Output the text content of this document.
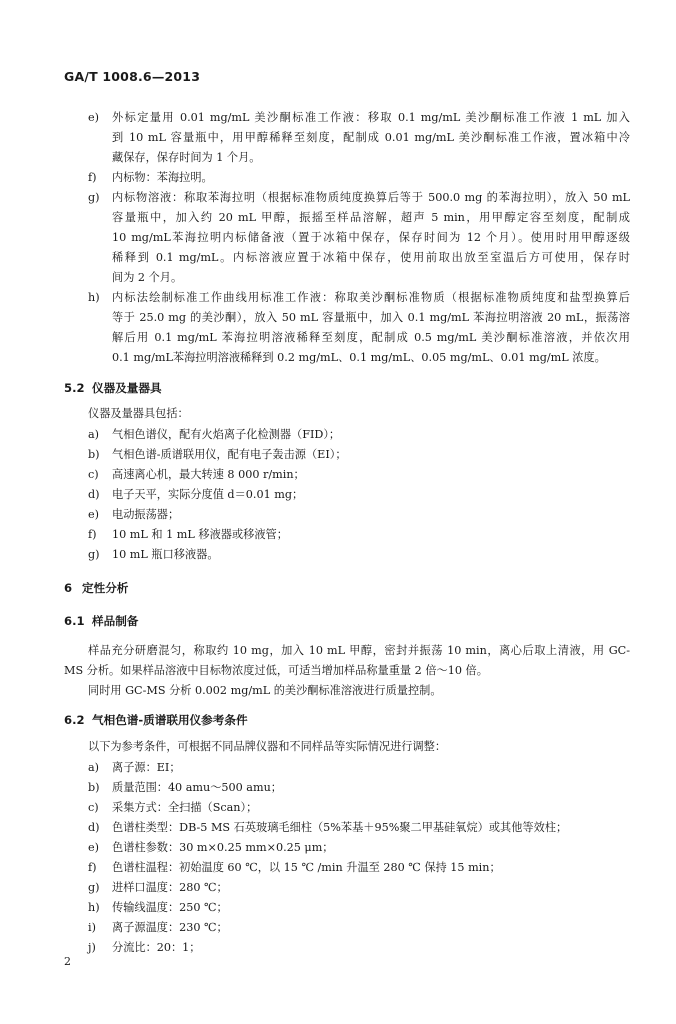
GA/T 1008.6—2013
e) 外标定量用 0.01 mg/mL 美沙酮标准工作液：移取 0.1 mg/mL 美沙酮标准工作液 1 mL 加入
到 10 mL 容量瓶中，用甲醇稀释至刻度，配制成 0.01 mg/mL 美沙酮标准工作液，置冰箱中冷
藏保存，保存时间为 1 个月。
f) 内标物：苯海拉明。
g) 内标物溶液：称取苯海拉明（根据标准物质纯度换算后等于 500.0 mg 的苯海拉明），放入 50 mL
容量瓶中，加入约 20 mL 甲醇，振摇至样品溶解，超声 5 min，用甲醇定容至刻度，配制成
10 mg/mL苯海拉明内标储备液（置于冰箱中保存，保存时间为 12 个月）。使用时用甲醇逐级
稀释到 0.1 mg/mL。内标溶液应置于冰箱中保存，使用前取出放至室温后方可使用，保存时
间为 2 个月。
h) 内标法绘制标准工作曲线用标准工作液：称取美沙酮标准物质（根据标准物质纯度和盐型换算后
等于 25.0 mg 的美沙酮），放入 50 mL 容量瓶中，加入 0.1 mg/mL 苯海拉明溶液 20 mL，振荡溶
解后用 0.1 mg/mL 苯海拉明溶液稀释至刻度，配制成 0.5 mg/mL 美沙酮标准溶液，并依次用
0.1 mg/mL苯海拉明溶液稀释到 0.2 mg/mL、0.1 mg/mL、0.05 mg/mL、0.01 mg/mL 浓度。
5.2 仪器及量器具
仪器及量器具包括：
a) 气相色谱仪，配有火焰离子化检测器（FID）；
b) 气相色谱-质谱联用仪，配有电子轰击源（EI）；
c) 高速离心机，最大转速 8 000 r/min；
d) 电子天平，实际分度值 d＝0.01 mg；
e) 电动振荡器；
f) 10 mL 和 1 mL 移液器或移液管；
g) 10 mL 瓶口移液器。
6 定性分析
6.1 样品制备
样品充分研磨混匀，称取约 10 mg，加入 10 mL 甲醇，密封并振荡 10 min，离心后取上清液，用 GC-
MS 分析。如果样品溶液中目标物浓度过低，可适当增加样品称量重量 2 倍～10 倍。
同时用 GC-MS 分析 0.002 mg/mL 的美沙酮标准溶液进行质量控制。
6.2 气相色谱-质谱联用仪参考条件
以下为参考条件，可根据不同品牌仪器和不同样品等实际情况进行调整：
a) 离子源：EI；
b) 质量范围：40 amu～500 amu；
c) 采集方式：全扫描（Scan）；
d) 色谱柱类型：DB-5 MS 石英玻璃毛细柱（5%苯基＋95%聚二甲基硅氧烷）或其他等效柱；
e) 色谱柱参数：30 m×0.25 mm×0.25 μm；
f) 色谱柱温程：初始温度 60 ℃，以 15 ℃ /min 升温至 280 ℃ 保持 15 min；
g) 进样口温度：280 ℃；
h) 传输线温度：250 ℃；
i) 离子源温度：230 ℃；
j) 分流比：20：1；
2
